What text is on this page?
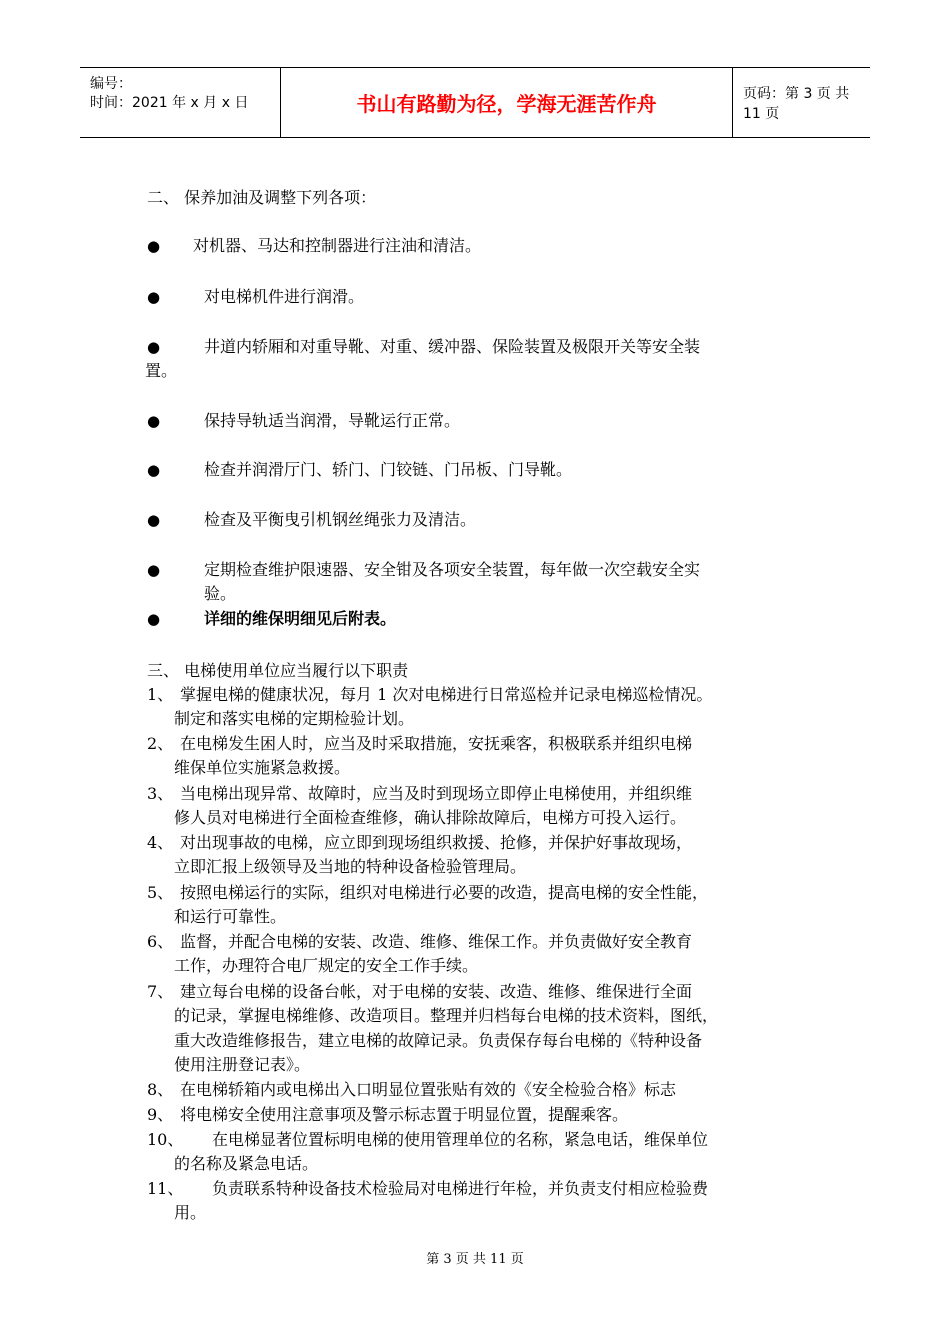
编号：
时间：2021 年 x 月 x 日	书山有路勤为径，学海无涯苦作舟	页码：第 3 页 共 11 页
二、 保养加油及调整下列各项：
● 对机器、马达和控制器进行注油和清洁。
●	对电梯机件进行润滑。
●	井道内轿厢和对重导靴、对重、缓冲器、保险装置及极限开关等安全装
置。
●	保持导轨适当润滑，导靴运行正常。
●	检查并润滑厅门、轿门、门铰链、门吊板、门导靴。
●	检查及平衡曳引机钢丝绳张力及清洁。
●	定期检查维护限速器、安全钳及各项安全装置，每年做一次空载安全实
验。
●	详细的维保明细见后附表。
三、 电梯使用单位应当履行以下职责
1、 掌握电梯的健康状况，每月 1 次对电梯进行日常巡检并记录电梯巡检情况。
制定和落实电梯的定期检验计划。
2、 在电梯发生困人时，应当及时采取措施，安抚乘客，积极联系并组织电梯
维保单位实施紧急救援。
3、 当电梯出现异常、故障时，应当及时到现场立即停止电梯使用，并组织维
修人员对电梯进行全面检查维修，确认排除故障后，电梯方可投入运行。
4、 对出现事故的电梯，应立即到现场组织救援、抢修，并保护好事故现场，
立即汇报上级领导及当地的特种设备检验管理局。
5、 按照电梯运行的实际，组织对电梯进行必要的改造，提高电梯的安全性能，
和运行可靠性。
6、 监督，并配合电梯的安装、改造、维修、维保工作。并负责做好安全教育
工作，办理符合电厂规定的安全工作手续。
7、 建立每台电梯的设备台帐，对于电梯的安装、改造、维修、维保进行全面
的记录，掌握电梯维修、改造项目。整理并归档每台电梯的技术资料，图纸，
重大改造维修报告，建立电梯的故障记录。负责保存每台电梯的《特种设备
使用注册登记表》。
8、 在电梯轿箱内或电梯出入口明显位置张贴有效的《安全检验合格》标志
9、 将电梯安全使用注意事项及警示标志置于明显位置，提醒乘客。
10、 在电梯显著位置标明电梯的使用管理单位的名称，紧急电话，维保单位
的名称及紧急电话。
11、 负责联系特种设备技术检验局对电梯进行年检，并负责支付相应检验费
用。
第 3 页 共 11 页
